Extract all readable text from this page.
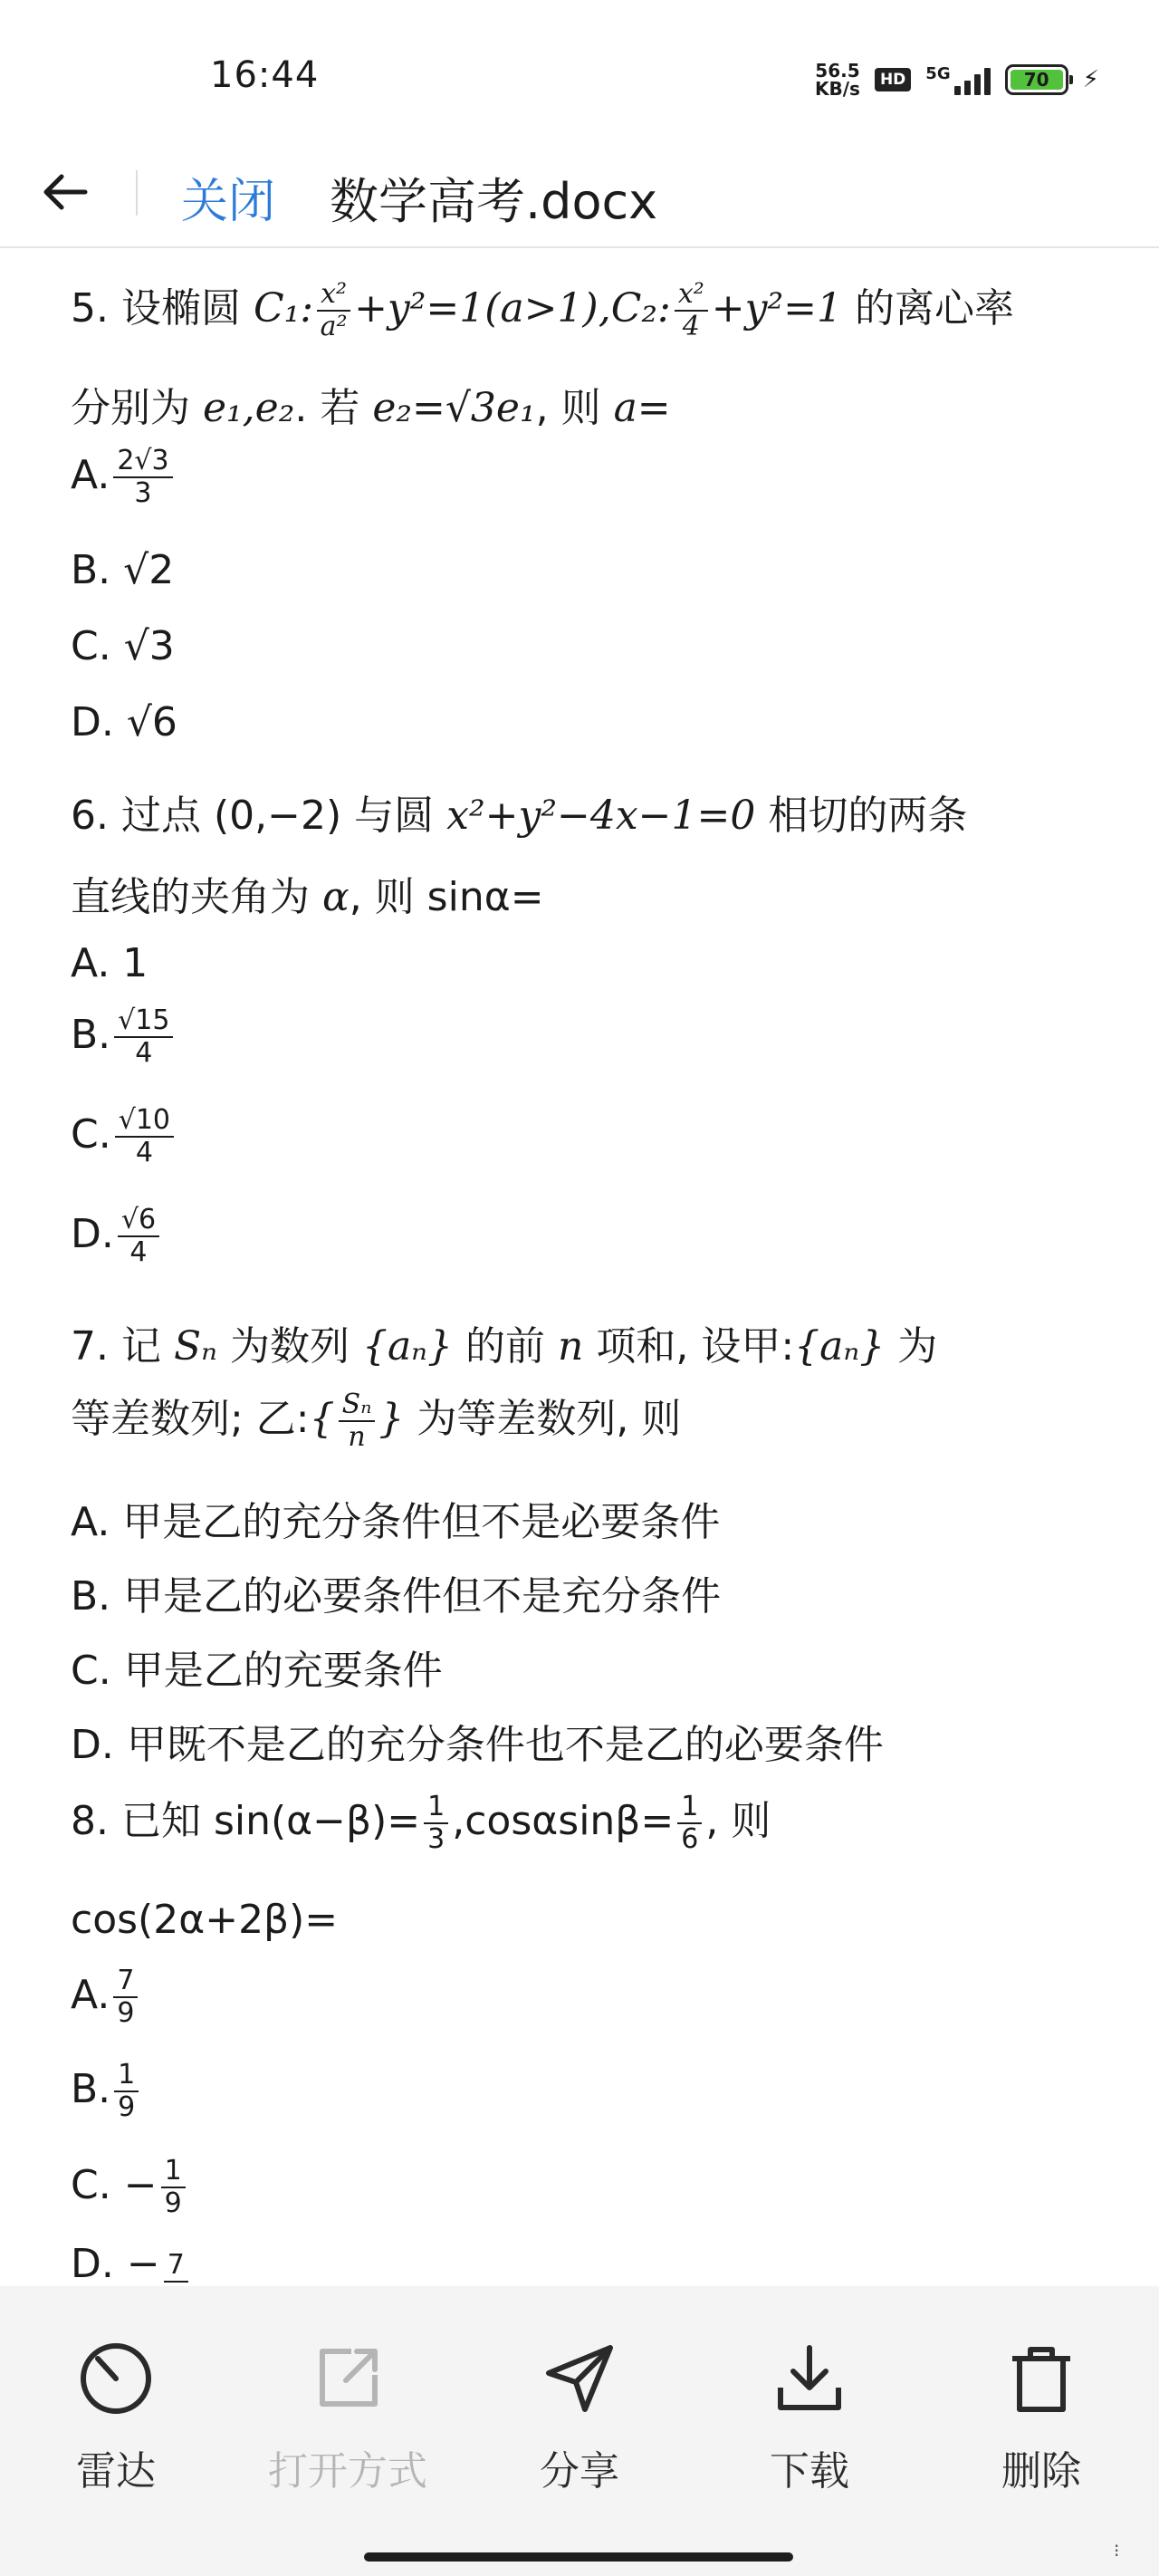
16:44	56.5
KB/s	HD	5G	70	⚡
关闭 数学高考.docx
5. 设椭圆 C₁: $\frac{\text{x²}}{\text{a²}} +y^2=1(a>1),C_2$: $\frac{\text{x²}}{4} +y^2=1$ 的离心率
分别为 e₁,e₂. 若 e₂=√3e₁, 则 a=
A. $\frac{2√3}{3}$
B. √2
C. √3
D. √6
6. 过点 (0,−2) 与圆 x²+y²−4x−1=0 相切的两条
直线的夹角为 α, 则 sinα=
A. 1
B. $\frac{√15}{4}$
C. $\frac{√10}{4}$
D. $\frac{√6}{4}$
7. 记 Sₙ 为数列 {aₙ} 的前 n 项和, 设甲:{aₙ} 为
等差数列; 乙:{ $\frac{\text{Sₙ}}{n}$ } 为等差数列, 则
A. 甲是乙的充分条件但不是必要条件
B. 甲是乙的必要条件但不是充分条件
C. 甲是乙的充要条件
D. 甲既不是乙的充分条件也不是乙的必要条件
8. 已知 $\sin(\alpha-\beta)= \frac{1}{3} ,\cos\alpha\sin\beta= \frac{1}{6}$ , 则
cos(2α+2β)=
A. $\frac{7}{9}$
B. $\frac{1}{9}$
C. − $\frac{1}{9}$
D. − 7
雷达	打开方式	分享	下载	删除
⁝
